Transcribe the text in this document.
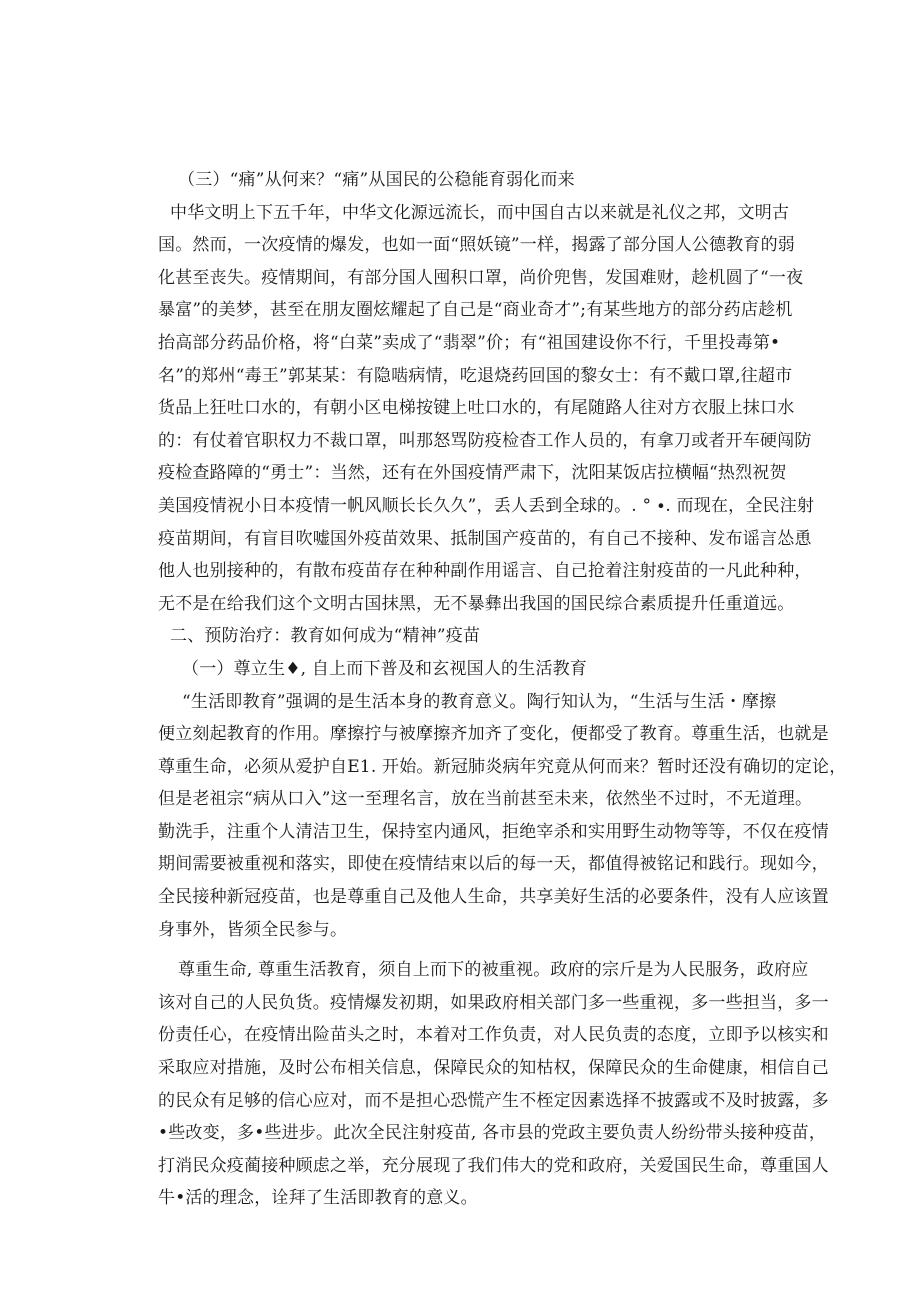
（三）“痛”从何来？“痛”从国民的公稳能育弱化而来
中华文明上下五千年，中华文化源远流长，而中国自古以来就是礼仪之邦，文明古
国。然而，一次疫情的爆发，也如一面“照妖镜”一样，揭露了部分国人公德教育的弱
化甚至丧失。疫情期间，有部分国人囤积口罩，尚价兜售，发国难财，趁机圆了“一夜
暴富”的美梦，甚至在朋友圈炫耀起了自己是“商业奇才”;有某些地方的部分药店趁机
抬高部分药品价格，将“白菜”卖成了“翡翠”价；有“祖国建设你不行，千里投毒第•
名”的郑州“毒王”郭某某：有隐啮病情，吃退烧药回国的黎女士：有不戴口罩,往超市
货品上狂吐口水的，有朝小区电梯按键上吐口水的，有尾随路人往对方衣服上抹口水
的：有仗着官职权力不裁口罩，叫那怒骂防疫检杳工作人员的，有拿刀或者开车硬闯防
疫检查路障的“勇士”：当然，还有在外国疫情严肃下，沈阳某饭店拉横幅“热烈祝贺
美国疫情祝小日本疫情一帆风顺长长久久”，丢人丢到全球的。. ° ∙. 而现在，全民注射
疫苗期间，有盲目吹嘘国外疫苗效果、抵制国产疫苗的，有自己不接种、发布谣言怂恿
他人也别接种的，有散布疫苗存在种种副作用谣言、自己抢着注射疫苗的一凡此种种，
无不是在给我们这个文明古国抹黑，无不暴彝出我国的国民综合素质提升任重道远。
二、预防治疗：教育如何成为“精神”疫苗
（一）尊立生♦, 自上而下普及和玄视国人的生活教育
“生活即教育”强调的是生活本身的教育意义。陶行知认为，“生活与生活・摩擦
便立刻起教育的作用。摩擦拧与被摩擦齐加齐了变化，便都受了教育。尊重生活，也就是
尊重生命，必须从爱护自E1. 开始。新冠肺炎病年究竟从何而来？暂时还没有确切的定论，
但是老祖宗“病从口入”这一至理名言，放在当前甚至未来，依然坐不过时，不无道理。
勤洗手，注重个人清洁卫生，保持室内通风，拒绝宰杀和实用野生动物等等，不仅在疫情
期间需要被重视和落实，即使在疫情结束以后的每一天，都值得被铭记和践行。现如今，
全民接种新冠疫苗，也是尊重自己及他人生命，共享美好生活的必要条件，没有人应该置
身事外，皆须全民参与。
尊重生命, 尊重生活教育，须自上而下的被重视。政府的宗斤是为人民服务，政府应
该对自己的人民负货。疫情爆发初期，如果政府相关部门多一些重视，多一些担当，多一
份责任心，在疫情出险苗头之时，本着对工作负责，对人民负责的态度，立即予以核实和
采取应对措施，及时公布相关信息，保障民众的知枯权，保障民众的生命健康，相信自己
的民众有足够的信心应对，而不是担心恐慌产生不桎定因素选择不披露或不及时披露，多
•些改变，多•些进步。此次全民注射疫苗, 各市县的党政主要负责人纷纷带头接种疫苗，
打消民众疫蔺接种顾虑之举，充分展现了我们伟大的党和政府，关爱国民生命，尊重国人
牛•活的理念，诠拜了生活即教育的意义。
